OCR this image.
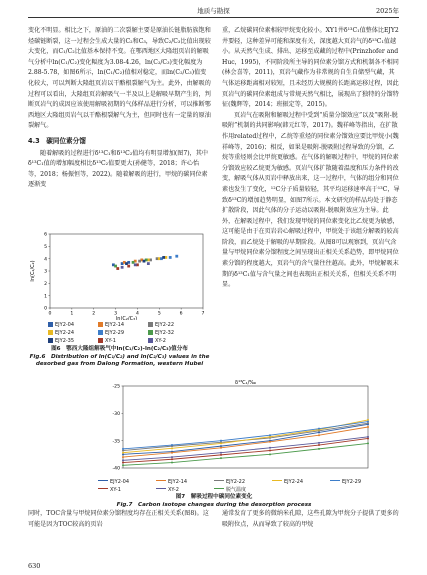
地质与勘探	2025年

变化不明显。相比之下，原油的二次裂解主要是原油长链脂肪族饱和烃碳链断裂，这一过程会生成大量的C₂和C₃，导致C₂/C₃比值出现较大变化，而C₁/C₂比值基本保持不变。在鄂西地区大隆组页岩的解吸气分析中ln(C₁/C₂)变化幅度为3.08-4.26，ln(C₂/C₃)变化幅度为2.88-5.78，如图6所示，ln(C₁/C₂)值相对稳定，而ln(C₂/C₃)值变化较大，可以判断大隆组页岩以干酪根裂解气为主。此外，由解吸的过程可以看出，大隆组页岩解吸气一半及以上是解吸早期产生的，判断页岩气的成因应该使用解吸初期的气体样品进行分析，可以推断鄂西地区大隆组页岩气以干酪根裂解气为主，但同时也有一定量的原油裂解气。

4.3　碳同位素分馏

随着解吸的过程进行δ¹³C₁和δ¹³C₂值均有明显增加(图7)，其中δ¹³C₁值的增加幅度相比δ¹³C₂值要更大(孙健等，2018；许心怡等，2018；杨振恒等，2022)。随着解吸的进行，甲烷的碳同位素逐渐变

重，乙烷碳同位素相较甲烷变化较小。XY1井δ¹³C₁值整体比EJY2井要轻，这种差异可能和深度有关，深度越大页岩气的δ¹³C₁值越小。从天然气生成、排出、运移至成藏的过程中(Prinzhofer and Huc，1995)，不同阶段所主导的同位素分馏方式和机制各不相同(林会喜等，2011)，页岩气藏作为非常规的自生自储型气藏，其气体运移距离相对较短，且未经历大规模的长距离运移过程，因此页岩气的碳同位素组成与常规天然气相比，展现出了独特的分馏特征(魏辉等，2014；班振定等，2015)。

页岩气在吸附和解吸过程中受到“质量分馏效应”以及“吸附-脱吸附”机制的共同影响(韩元红等，2017)。魏祥峰等指出，在扩散作用related过程中，乙烷等重烃的同位素分馏效应要比甲烷小(魏祥峰等，2016)；相反，如果是吸附-脱吸附过程导致的分馏，乙烷等重烃则会比甲烷更敏感。在气体的解吸过程中，甲烷的同位素分馏效应较乙烷更为敏感。页岩气体扩散随着温度和压力条件的改变，解吸气体从页岩中释放出来，这一过程中，气体的组分和同位素也发生了变化，¹²C分子质量较轻，其平均运移速率高于¹³C，导致δ¹³C的增加趋势明显，如图7所示。本文研究的样品均处于静态扩散阶段，因此气体的分子运动以吸附-脱吸附效应为主导。此外，在解吸过程中，我们发现甲烷的同位素变化比乙烷更为敏感，这可能是由于在页岩岩心解吸过程中，甲烷处于该组分解吸的较高阶段，而乙烷处于解吸的早期阶段。从图8可以观察到，页岩气含量与甲烷同位素分馏程度之间呈现出正相关关系趋势，即甲烷同位素分馏的程度越大，页岩气的含气量往往越高。此外，甲烷解吸末期的δ¹³C₁值与含气量之间也表现出正相关关系，但相关关系不明显。

0	1	2	3	4	5	6	7
0
1
2
3
4
5
6
ln(C₂/C₃)
ln(C₁/C₂)
EJY2-04	EJY2-14	EJY2-22EJY2-24	EJY2-29	EJY2-32EJY2-35	XY-1	XY-2
图6　鄂西大隆组解吸气中ln(C₁/C₂)-ln(C₂/C₃)值分布
Fig.6　Distribution of ln(C₁/C₂) and ln(C₂/C₃) values in the desorbed gas from Dalong Formation, western Hubei
-25
-30
-35
-40
δ¹³C₁/‰
EJY2-04	EJY2-14	EJY2-22	EJY2-24	EJY2-29XY-1	XY-2	脱气温度
图7　解吸过程中碳同位素变化
Fig.7　Carbon isotope changes during the desorption process
同时，TOC含量与甲烷同位素分馏程度均存在正相关关系(图8)。这可能是因为TOC较高的页岩
通常发育了更多的微纳米孔隙，这些孔隙为甲烷分子提供了更多的吸附位点，从而导致了较高的甲烷
630
